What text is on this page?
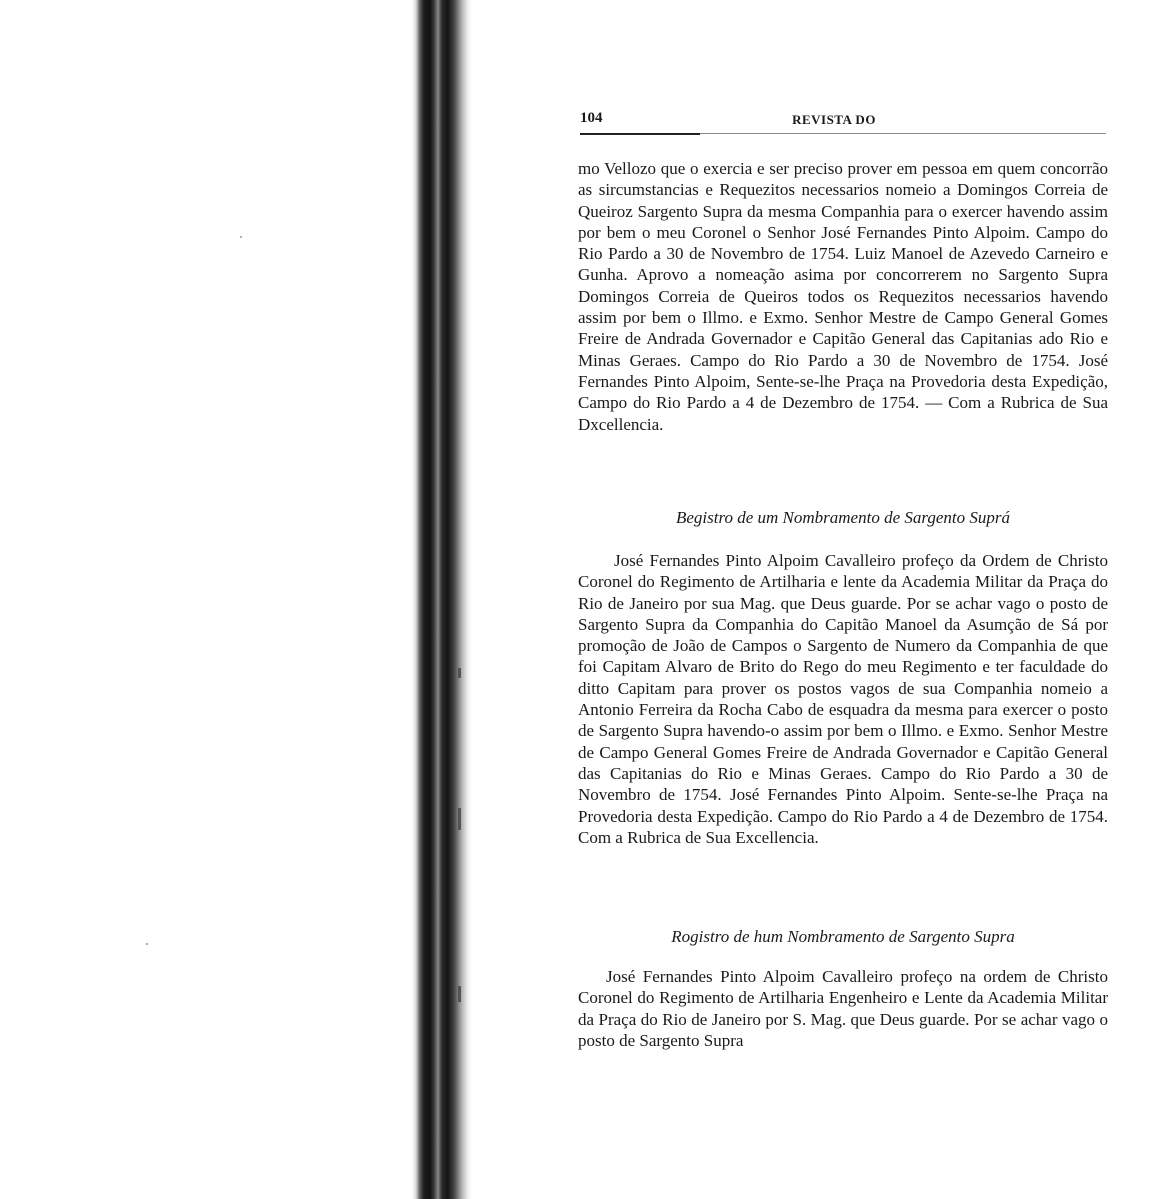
104	REVISTA DO

mo Vellozo que o exercia e ser preciso prover em pessoa em quem concorrão as sircumstancias e Requezitos necessarios nomeio a Domingos Correia de Queiroz Sargento Supra da mesma Companhia para o exercer havendo assim por bem o meu Coronel o Senhor José Fernandes Pinto Alpoim. Campo do Rio Pardo a 30 de Novembro de 1754. Luiz Manoel de Azevedo Carneiro e Gunha. Aprovo a nomeação asima por concorrerem no Sargento Supra Domingos Correia de Queiros todos os Requezitos necessarios havendo assim por bem o Illmo. e Exmo. Senhor Mestre de Campo General Gomes Freire de Andrada Governador e Capitão General das Capitanias ado Rio e Minas Geraes. Campo do Rio Pardo a 30 de Novembro de 1754. José Fernandes Pinto Alpoim, Sente-se-lhe Praça na Provedoria desta Expedição, Campo do Rio Pardo a 4 de Dezembro de 1754. — Com a Rubrica de Sua Dxcellencia.

Begistro de um Nombramento de Sargento Suprá

José Fernandes Pinto Alpoim Cavalleiro profeço da Ordem de Christo Coronel do Regimento de Artilharia e lente da Academia Militar da Praça do Rio de Janeiro por sua Mag. que Deus guarde. Por se achar vago o posto de Sargento Supra da Companhia do Capitão Manoel da Asumção de Sá por promoção de João de Campos o Sargento de Numero da Companhia de que foi Capitam Alvaro de Brito do Rego do meu Regimento e ter faculdade do ditto Capitam para prover os postos vagos de sua Companhia nomeio a Antonio Ferreira da Rocha Cabo de esquadra da mesma para exercer o posto de Sargento Supra havendo-o assim por bem o Illmo. e Exmo. Senhor Mestre de Campo General Gomes Freire de Andrada Governador e Capitão General das Capitanias do Rio e Minas Geraes. Campo do Rio Pardo a 30 de Novembro de 1754. José Fernandes Pinto Alpoim. Sente-se-lhe Praça na Provedoria desta Expedição. Campo do Rio Pardo a 4 de Dezembro de 1754. Com a Rubrica de Sua Excellencia.

Rogistro de hum Nombramento de Sargento Supra

José Fernandes Pinto Alpoim Cavalleiro profeço na ordem de Christo Coronel do Regimento de Artilharia Engenheiro e Lente da Academia Militar da Praça do Rio de Janeiro por S. Mag. que Deus guarde. Por se achar vago o posto de Sargento Supra
